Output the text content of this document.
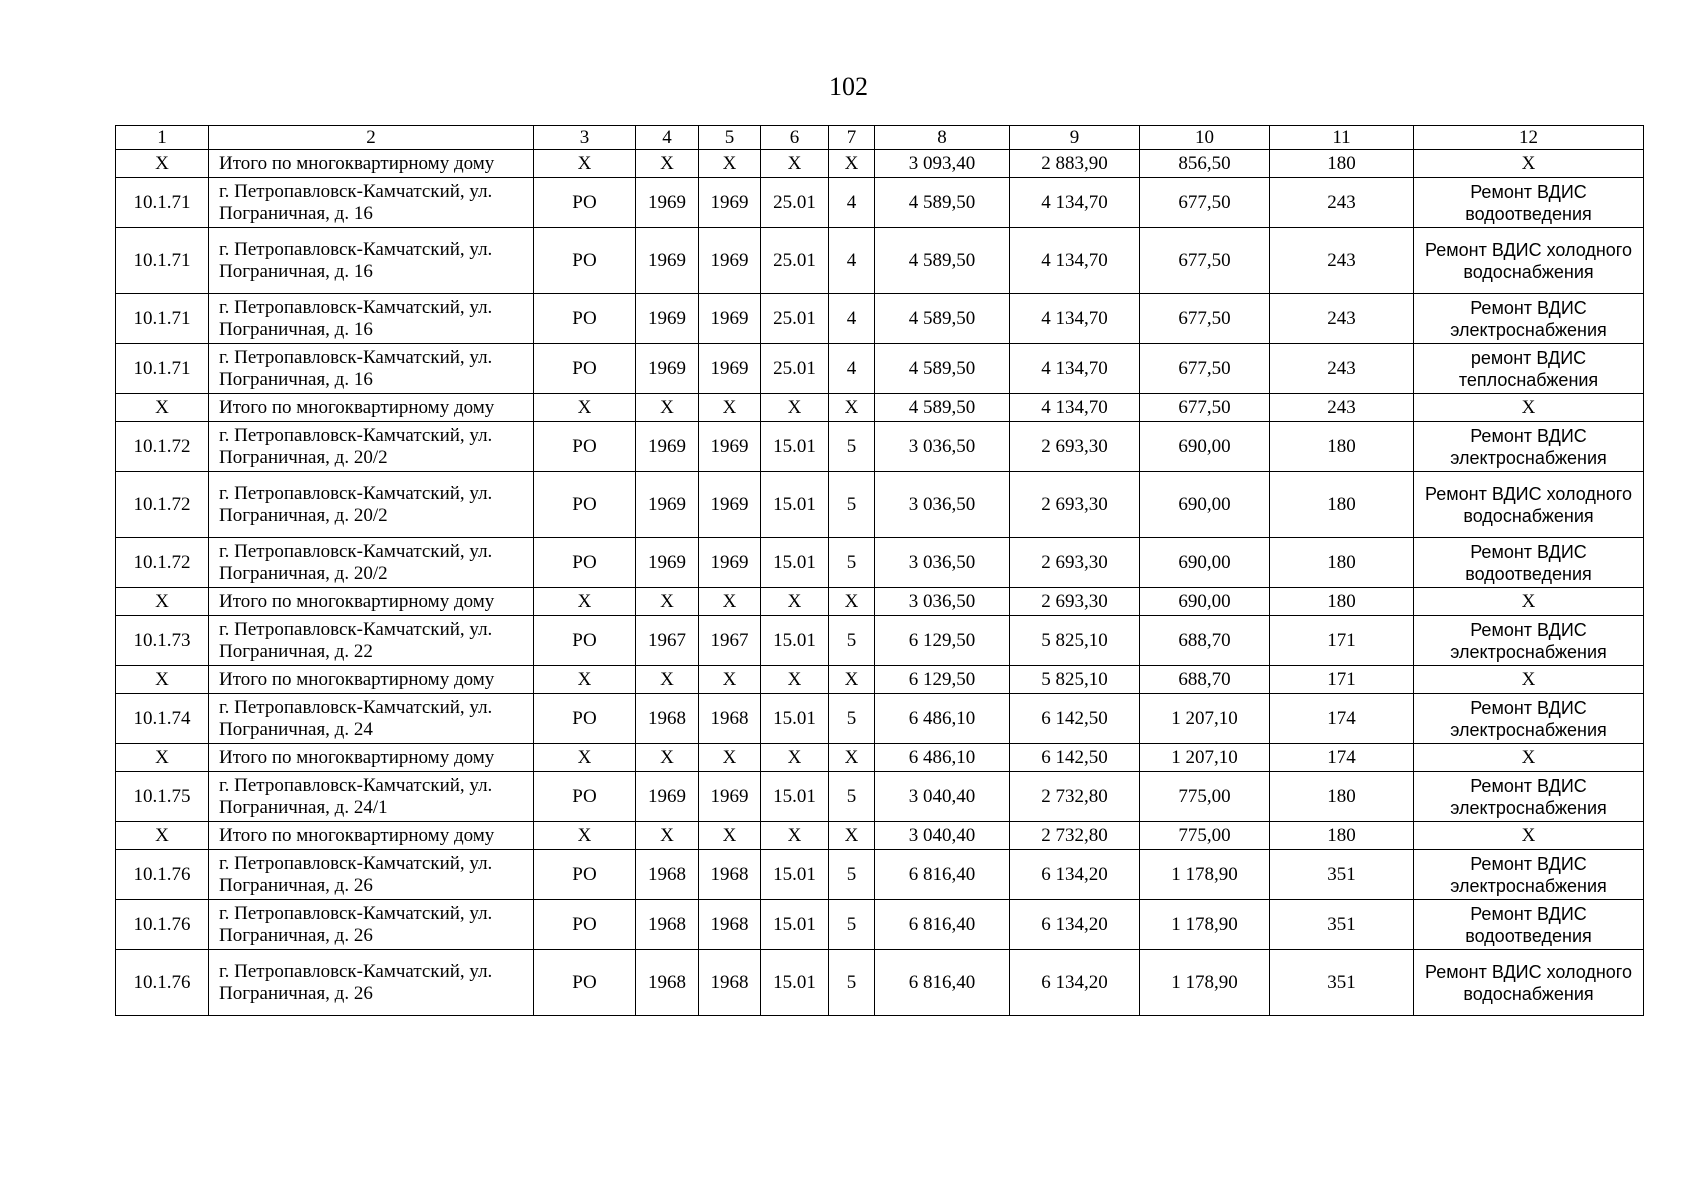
102
1	2	3	4	5	6	7	8	9	10	11	12
X	Итого по многоквартирному дому	X	X	X	X	X	3 093,40	2 883,90	856,50	180	X
10.1.71	г. Петропавловск-Камчатский, ул. Пограничная, д. 16	РО	1969	1969	25.01	4	4 589,50	4 134,70	677,50	243	Ремонт ВДИС водоотведения
10.1.71	г. Петропавловск-Камчатский, ул. Пограничная, д. 16	РО	1969	1969	25.01	4	4 589,50	4 134,70	677,50	243	Ремонт ВДИС холодного водоснабжения
10.1.71	г. Петропавловск-Камчатский, ул. Пограничная, д. 16	РО	1969	1969	25.01	4	4 589,50	4 134,70	677,50	243	Ремонт ВДИС электроснабжения
10.1.71	г. Петропавловск-Камчатский, ул. Пограничная, д. 16	РО	1969	1969	25.01	4	4 589,50	4 134,70	677,50	243	ремонт ВДИС теплоснабжения
X	Итого по многоквартирному дому	X	X	X	X	X	4 589,50	4 134,70	677,50	243	X
10.1.72	г. Петропавловск-Камчатский, ул. Пограничная, д. 20/2	РО	1969	1969	15.01	5	3 036,50	2 693,30	690,00	180	Ремонт ВДИС электроснабжения
10.1.72	г. Петропавловск-Камчатский, ул. Пограничная, д. 20/2	РО	1969	1969	15.01	5	3 036,50	2 693,30	690,00	180	Ремонт ВДИС холодного водоснабжения
10.1.72	г. Петропавловск-Камчатский, ул. Пограничная, д. 20/2	РО	1969	1969	15.01	5	3 036,50	2 693,30	690,00	180	Ремонт ВДИС водоотведения
X	Итого по многоквартирному дому	X	X	X	X	X	3 036,50	2 693,30	690,00	180	X
10.1.73	г. Петропавловск-Камчатский, ул. Пограничная, д. 22	РО	1967	1967	15.01	5	6 129,50	5 825,10	688,70	171	Ремонт ВДИС электроснабжения
X	Итого по многоквартирному дому	X	X	X	X	X	6 129,50	5 825,10	688,70	171	X
10.1.74	г. Петропавловск-Камчатский, ул. Пограничная, д. 24	РО	1968	1968	15.01	5	6 486,10	6 142,50	1 207,10	174	Ремонт ВДИС электроснабжения
X	Итого по многоквартирному дому	X	X	X	X	X	6 486,10	6 142,50	1 207,10	174	X
10.1.75	г. Петропавловск-Камчатский, ул. Пограничная, д. 24/1	РО	1969	1969	15.01	5	3 040,40	2 732,80	775,00	180	Ремонт ВДИС электроснабжения
X	Итого по многоквартирному дому	X	X	X	X	X	3 040,40	2 732,80	775,00	180	X
10.1.76	г. Петропавловск-Камчатский, ул. Пограничная, д. 26	РО	1968	1968	15.01	5	6 816,40	6 134,20	1 178,90	351	Ремонт ВДИС электроснабжения
10.1.76	г. Петропавловск-Камчатский, ул. Пограничная, д. 26	РО	1968	1968	15.01	5	6 816,40	6 134,20	1 178,90	351	Ремонт ВДИС водоотведения
10.1.76	г. Петропавловск-Камчатский, ул. Пограничная, д. 26	РО	1968	1968	15.01	5	6 816,40	6 134,20	1 178,90	351	Ремонт ВДИС холодного водоснабжения
